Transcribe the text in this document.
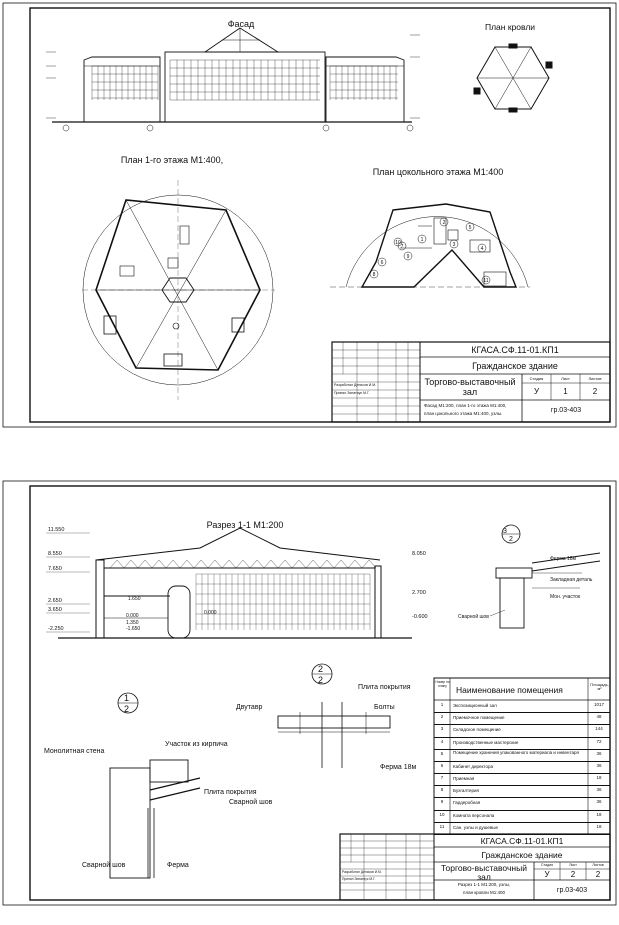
Фасад	План кровли
План 1-го этажа М1:400,
План цокольного этажа М1:400
1
2
3
4
5
6
7
8
9
10
11
КГАСА.СФ.11-01.КП1
Гражданское здание
Торгово-выставочный
зал
Стадия	Лист	Листов
У	1	2
Фасад М1:200, план 1-го этажа М1:400,
план цокольного этажа М1:400, узлы.	гр.03-403
Разработал Денисов И.М.
Принял Зинатиус М.Г.
Разрез 1-1 М1:200
11.550
8.550
7.650
2.650
3.650
-2.250
8.050
2.700
-0.600
1.650
0.000
1.350
-1.650
0.000
3
2
Ферма 18м
Закладная деталь
Мон. участок
Сварной шов
1
2
Монолитная стена
Участок из кирпича
Плита покрытия
Сварной шов
Сварной шов	Ферма
2
2
Плита покрытия
Двутавр	Болты
Ферма 18м
Номер по плану	Наименование помещения
Площадь, м²
1	Экспозиционный зал	1017
2	Приемочное помещение	48
3	Складское помещение	144
4	Производственные мастерские	72
5	Помещение хранения упакованного материала и инвентаря	36
6	Кабинет директора	36
7	Приемная	18
8	Бухгалтерия	36
9	Гардеробная	36
10	Комната персонала	18
11	Сан. узлы и душевые	18
КГАСА.СФ.11-01.КП1
Гражданское здание
Торгово-выставочный
зал
Стадия	Лист	Листов
У	2	2
Разрез 1-1 М1:200, узлы,
план кровли М1:400	гр.03-403
Разработал Денисов И.М.
Принял Зинатиус М.Г.
